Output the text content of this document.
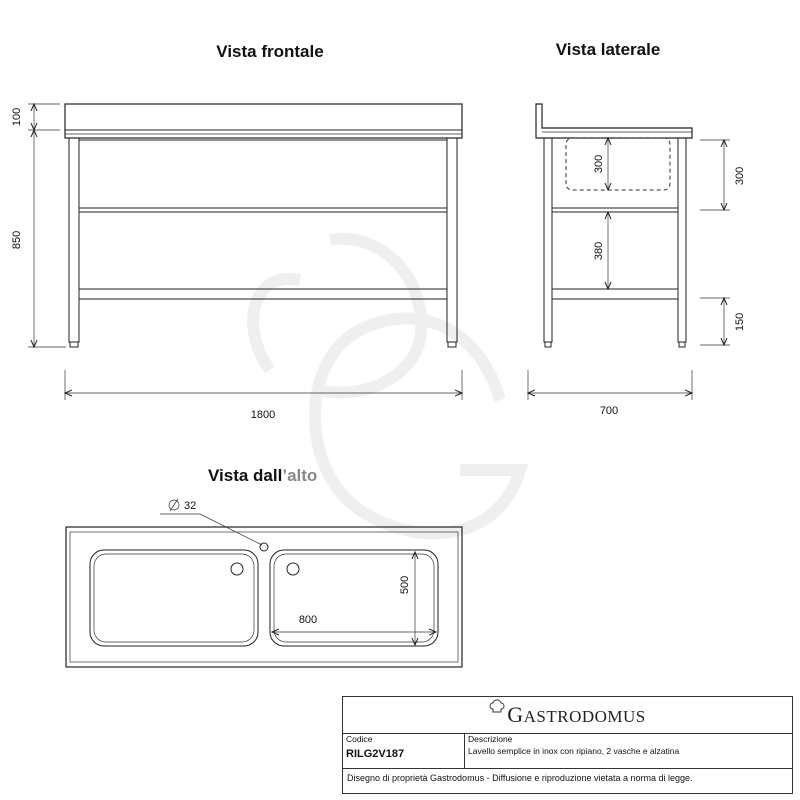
Vista frontale
100
850
1800
Vista laterale
300
380
300
150
700
Vista dall’alto
32
800
500
GASTRODOMUS
Codice
RILG2V187
Descrizione
Lavello semplice in inox con ripiano, 2 vasche e alzatina
Disegno di proprietà Gastrodomus - Diffusione e riproduzione vietata a norma di legge.
